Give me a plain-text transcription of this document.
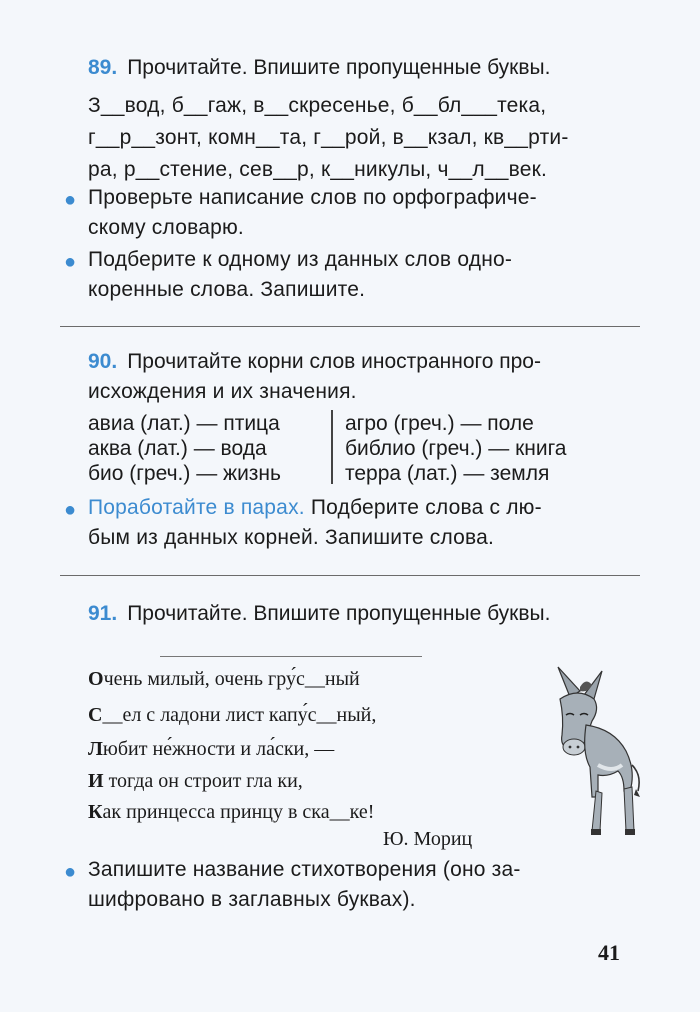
89. Прочитайте. Впишите пропущенные буквы.
З__вод, б__гаж, в__скресенье, б__бл___тека,
г__р__зонт, комн__та, г__рой, в__кзал, кв__рти-
ра, р__стение, сев__р, к__никулы, ч__л__век.
● Проверьте написание слов по орфографиче-
скому словарю.
● Подберите к одному из данных слов одно-
коренные слова. Запишите.
90. Прочитайте корни слов иностранного про-
исхождения и их значения.
авиа (лат.) — птица
аква (лат.) — вода
био (греч.) — жизнь
агро (греч.) — поле
библио (греч.) — книга
терра (лат.) — земля
● Поработайте в парах. Подберите слова с лю-
бым из данных корней. Запишите слова.
91. Прочитайте. Впишите пропущенные буквы.
Очень милый, очень гру́с__ный
С__ел с ладони лист капу́с__ный,
Любит не́жности и ла́ски, —
И тогда он строит гла ки,
Как принцесса принцу в ска__ке!
Ю. Мориц
● Запишите название стихотворения (оно за-
шифровано в заглавных буквах).
41
